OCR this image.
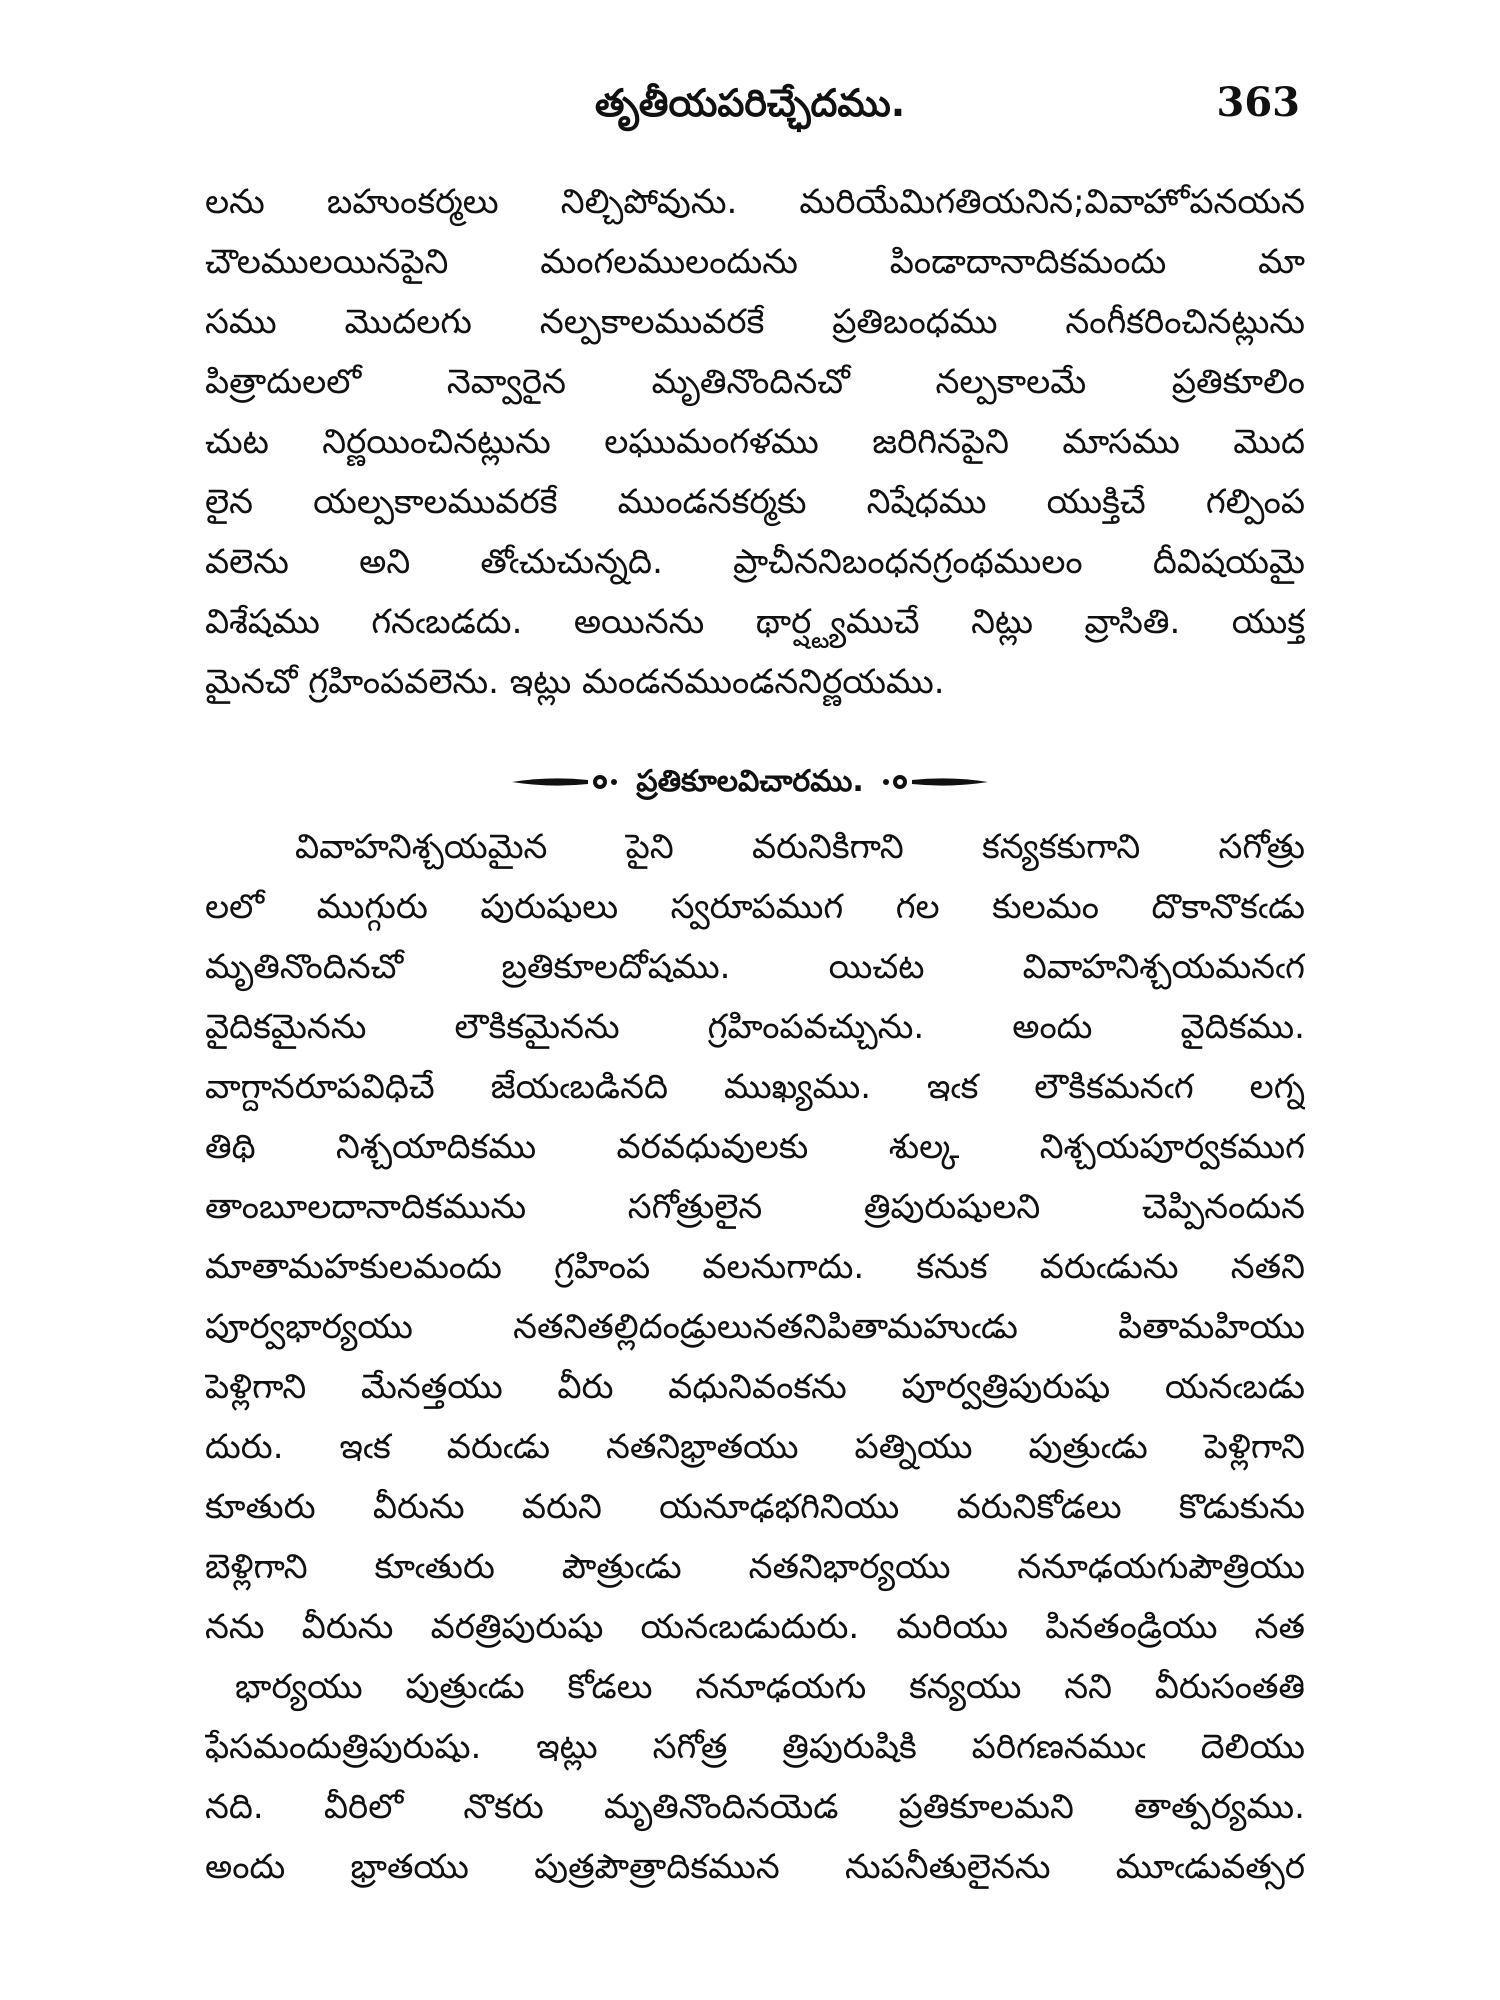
తృతీయపరిచ్ఛేదము.	363
లను బహుంకర్మలు నిల్చిపోవును. మరియేమిగతియనిన;వివాహోపనయన
చౌలములయినపైని మంగలములందును పిండాదానాదికమందు మా
సము మొదలగు నల్పకాలమువరకే ప్రతిబంధము నంగీకరించినట్లును
పిత్రాదులలో నెవ్వారైన మృతినొందినచో నల్పకాలమే ప్రతికూలిం
చుట నిర్ణయించినట్లును లఘుమంగళము జరిగినపైని మాసము మొద
లైన యల్పకాలమువరకే ముండనకర్మకు నిషేధము యుక్తిచే గల్పింప
వలెను అని తోఁచుచున్నది. ప్రాచీననిబంధనగ్రంథములం దీవిషయమై
విశేషము గనఁబడదు. అయినను థార్ష్ట్యముచే నిట్లు వ్రాసితి. యుక్త
మైనచో గ్రహింపవలెను. ఇట్లు మండనముండననిర్ణయము.
ప్రతికూలవిచారము.
వివాహనిశ్చయమైన పైని వరునికిగాని కన్యకకుగాని సగోత్రు
లలో ముగ్గురు పురుషులు స్వరూపముగ గల కులమం దొకానొకఁడు
మృతినొందినచో బ్రతికూలదోషము. యిచట వివాహనిశ్చయమనఁగ
వైదికమైనను లౌకికమైనను గ్రహింపవచ్చును. అందు వైదికము.
వాగ్దానరూపవిధిచే జేయఁబడినది ముఖ్యము. ఇఁక లౌకికమనఁగ లగ్న
తిథి నిశ్చయాదికము వరవధువులకు శుల్క నిశ్చయపూర్వకముగ
తాంబూలదానాదికమును సగోత్రులైన త్రిపురుషులని చెప్పినందున
మాతామహకులమందు గ్రహింప వలనుగాదు. కనుక వరుఁడును నతని
పూర్వభార్యయు నతనితల్లిదండ్రులునతనిపితామహుఁడు పితామహియు
పెళ్లిగాని మేనత్తయు వీరు వధునివంకను పూర్వత్రిపురుషు యనఁబడు
దురు. ఇఁక వరుఁడు నతనిభ్రాతయు పత్నియు పుత్రుఁడు పెళ్లిగాని
కూతురు వీరును వరుని యనూఢభగినియు వరునికోడలు కొడుకును
బెళ్లిగాని కూఁతురు పౌత్రుఁడు నతనిభార్యయు ననూఢయగుపౌత్రియు
నను వీరును వరత్రిపురుషు యనఁబడుదురు. మరియు పినతండ్రియు నత
భార్యయు పుత్రుఁడు కోడలు ననూఢయగు కన్యయు నని వీరుసంతతి
ఫేసమందుత్రిపురుషు. ఇట్లు సగోత్ర త్రిపురుషికి పరిగణనముఁ దెలియు
నది. వీరిలో నొకరు మృతినొందినయెడ ప్రతికూలమని తాత్పర్యము.
అందు భ్రాతయు పుత్రపౌత్రాదికమున నుపనీతులైనను మూఁడువత్సర
